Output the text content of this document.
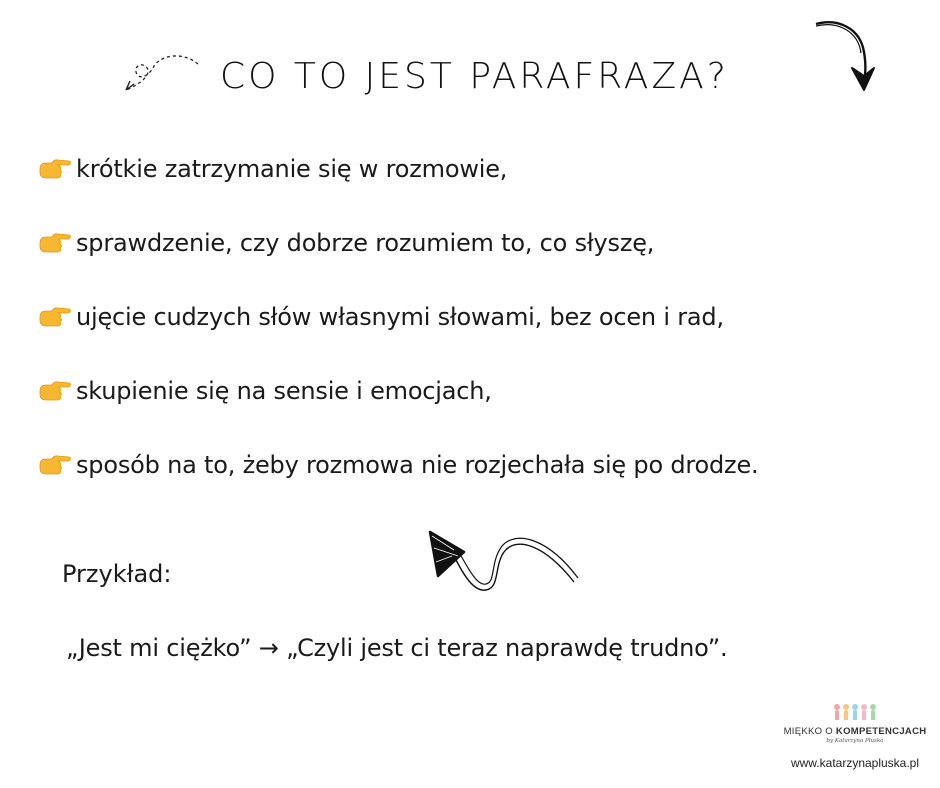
CO TO JEST PARAFRAZA?
krótkie zatrzymanie się w rozmowie,
sprawdzenie, czy dobrze rozumiem to, co słyszę,
ujęcie cudzych słów własnymi słowami, bez ocen i rad,
skupienie się na sensie i emocjach,
sposób na to, żeby rozmowa nie rozjechała się po drodze.
Przykład:
„Jest mi ciężko” → „Czyli jest ci teraz naprawdę trudno”.
MIĘKKO O KOMPETENCJACH
by Katarzyna Płuska
www.katarzynapluska.pl
